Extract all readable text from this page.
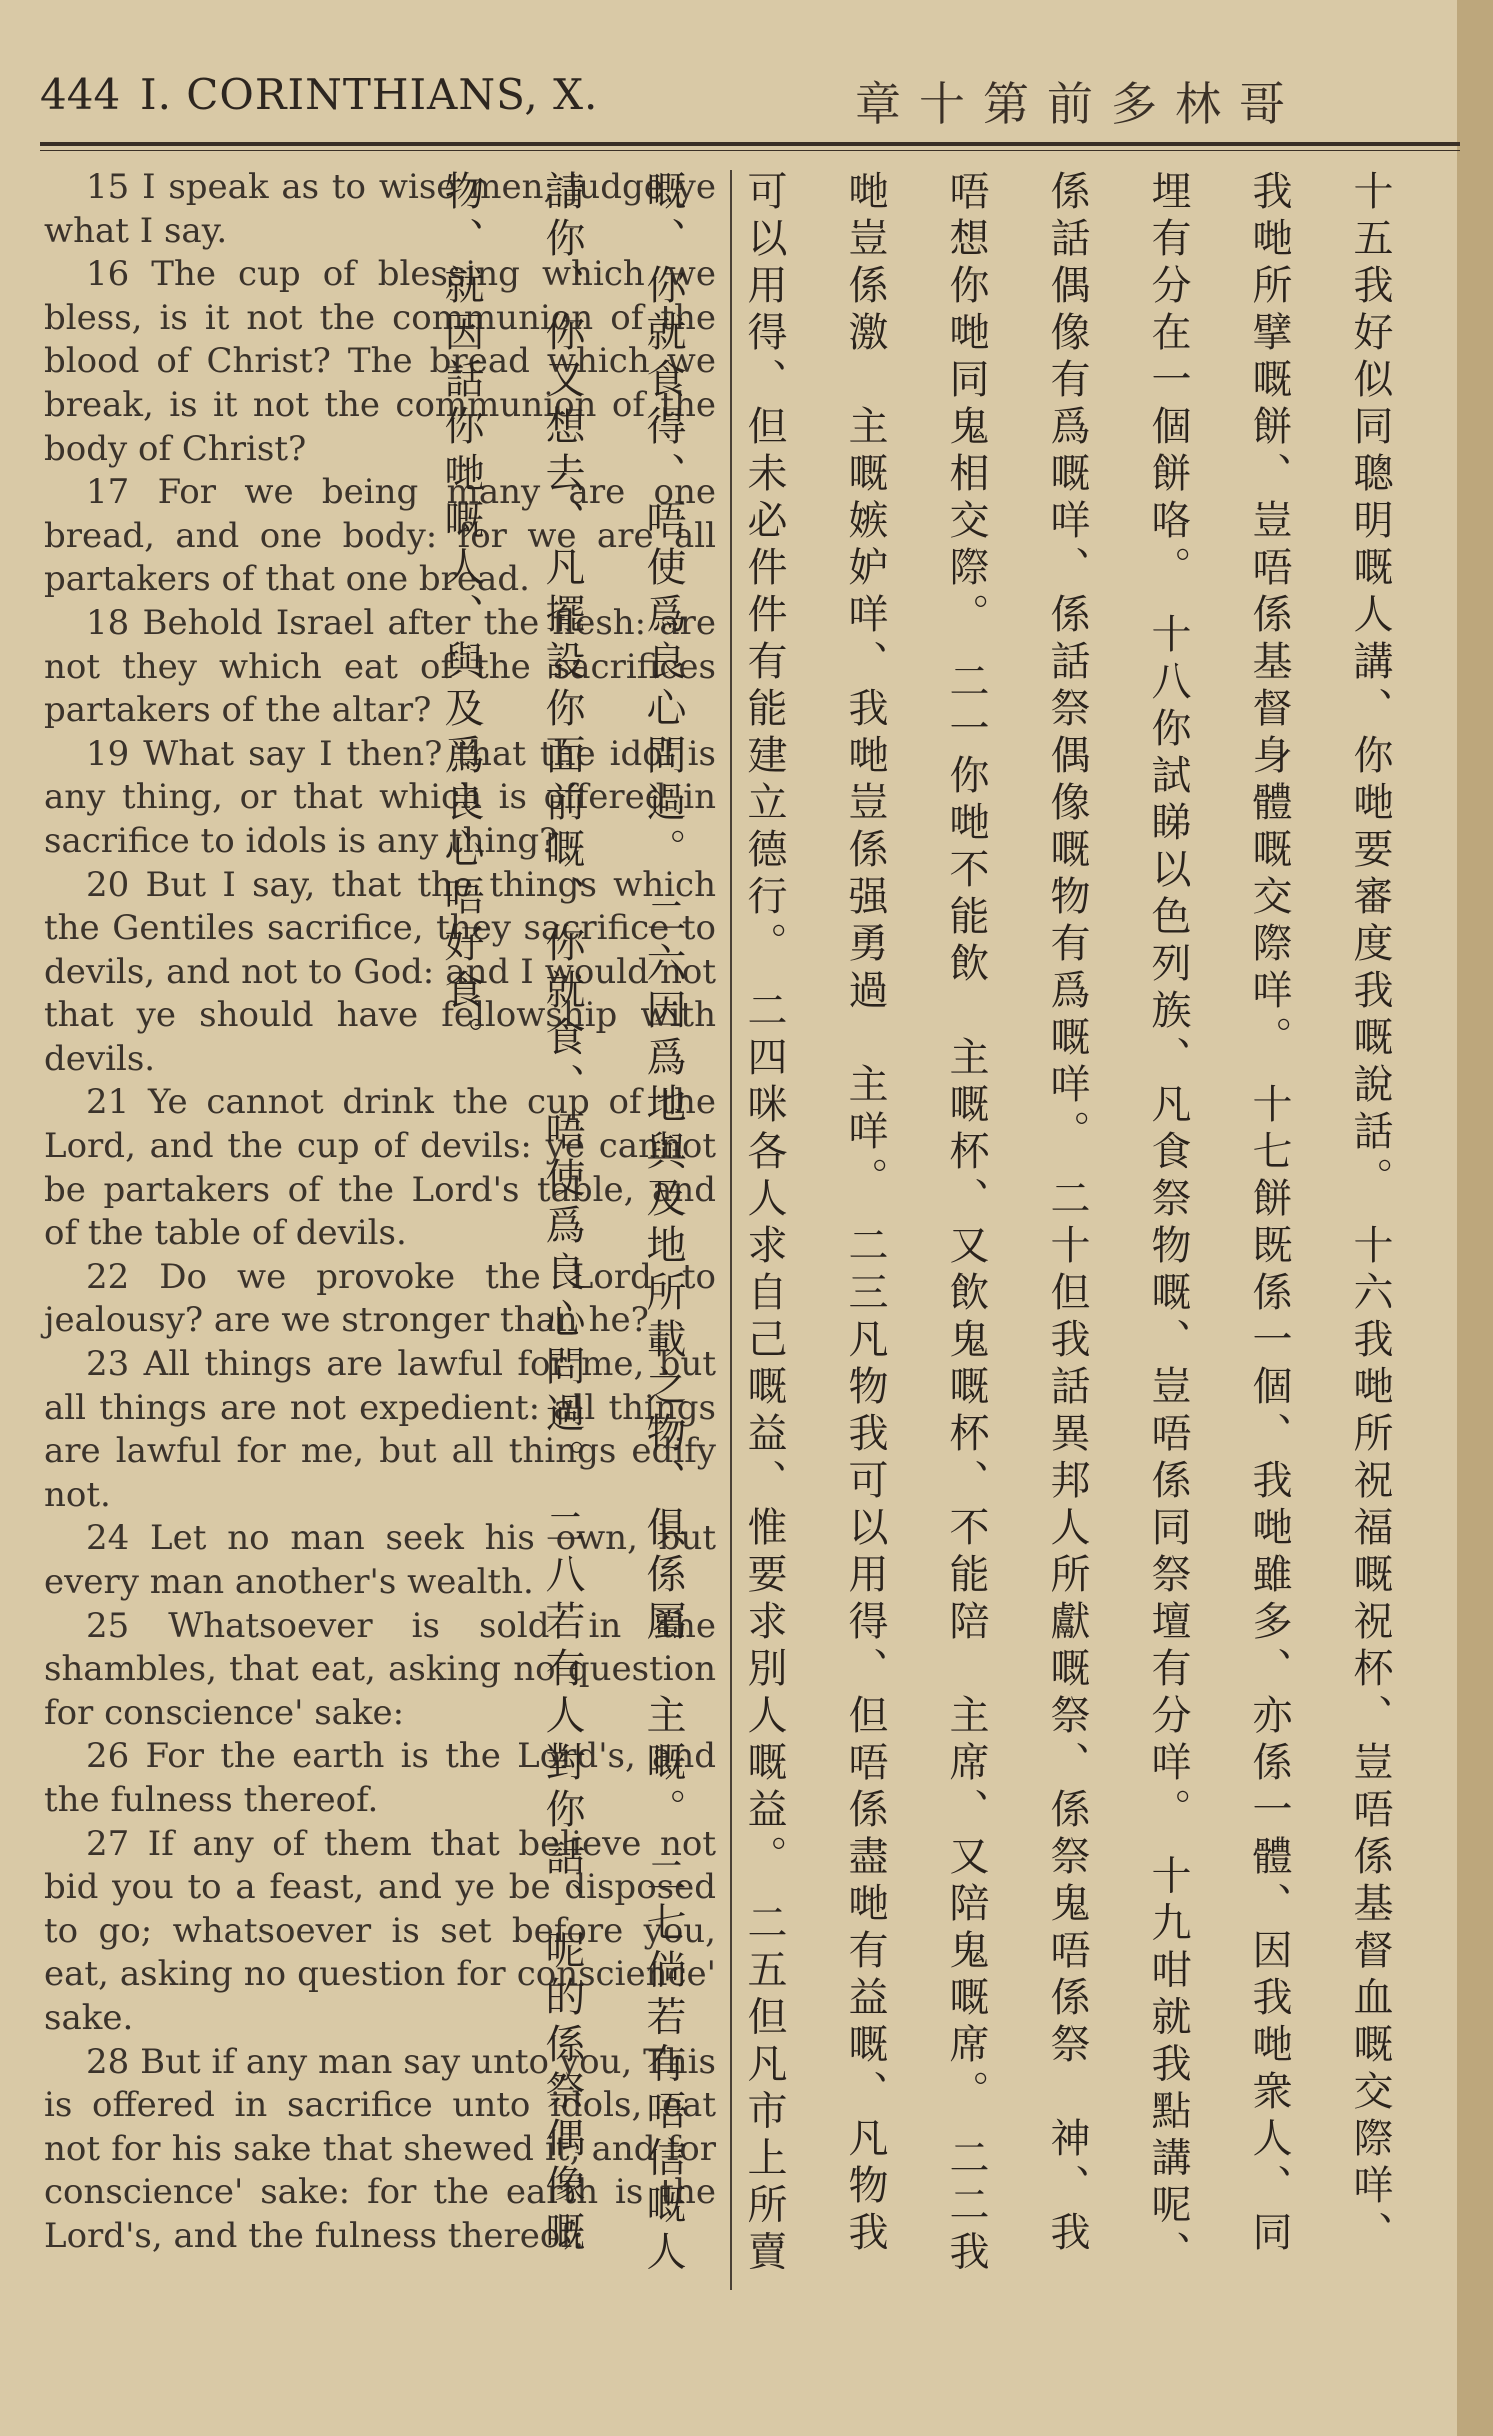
444 I. CORINTHIANS, X.	章十第前多林哥

15 I speak as to wise men; judge ye what I say.

16 The cup of blessing which we bless, is it not the communion of the blood of Christ? The bread which we break, is it not the communion of the body of Christ?

17 For we being many are one bread, and one body: for we are all partakers of that one bread.

18 Behold Israel after the flesh: are not they which eat of the sacrifices partakers of the altar?

19 What say I then? that the idol is any thing, or that which is offered in sacrifice to idols is any thing?

20 But I say, that the things which the Gentiles sacrifice, they sacrifice to devils, and not to God: and I would not that ye should have fellowship with devils.

21 Ye cannot drink the cup of the Lord, and the cup of devils: ye cannot be partakers of the Lord's table, and of the table of devils.

22 Do we provoke the Lord to jealousy? are we stronger than he?

23 All things are lawful for me, but all things are not expedient: all things are lawful for me, but all things edify not.

24 Let no man seek his own, but every man another's wealth.

25 Whatsoever is sold in the shambles, that eat, asking no question for conscience' sake:

26 For the earth is the Lord's, and the fulness thereof.

27 If any of them that believe not bid you to a feast, and ye be disposed to go; whatsoever is set before you, eat, asking no question for conscience' sake.

28 But if any man say unto you, This is offered in sacrifice unto idols, eat not for his sake that shewed it, and for conscience' sake: for the earth is the Lord's, and the fulness thereof:

十五我好似同聰明嘅人講、你哋要審度我嘅說話。 十六我哋所祝福嘅祝杯、豈唔係基督血嘅交際咩、我哋所擘嘅餅、豈唔係基督身體嘅交際咩。 十七餅既係一個、我哋雖多、亦係一體、因我哋衆人、同埋有分在一個餅咯。 十八你試睇以色列族、凡食祭物嘅、豈唔係同祭壇有分咩。 十九咁就我點講呢、係話偶像有爲嘅咩、係話祭偶像嘅物有爲嘅咩。 二十但我話異邦人所獻嘅祭、係祭鬼唔係祭　神、我唔想你哋同鬼相交際。 二一你哋不能飲　主嘅杯、又飲鬼嘅杯、不能陪　主席、又陪鬼嘅席。 二二我哋豈係激　主嘅嫉妒咩、我哋豈係强勇過　主咩。 二三凡物我可以用得、但唔係盡哋有益嘅、凡物我可以用得、但未必件件有能建立德行。 二四咪各人求自己嘅益、惟要求別人嘅益。 二五但凡市上所賣嘅、你就食得、唔使爲良心問過。 二六因爲地與及地所載之物、俱係屬　主嘅。 二七倘若有唔信嘅人請你、你又想去、凡擺設你面前嘅、你就食、唔使爲良心問過。 二八若有人對你話、呢的係祭偶像嘅物、就因話你哋嘅人、與及爲良心唔好食。
